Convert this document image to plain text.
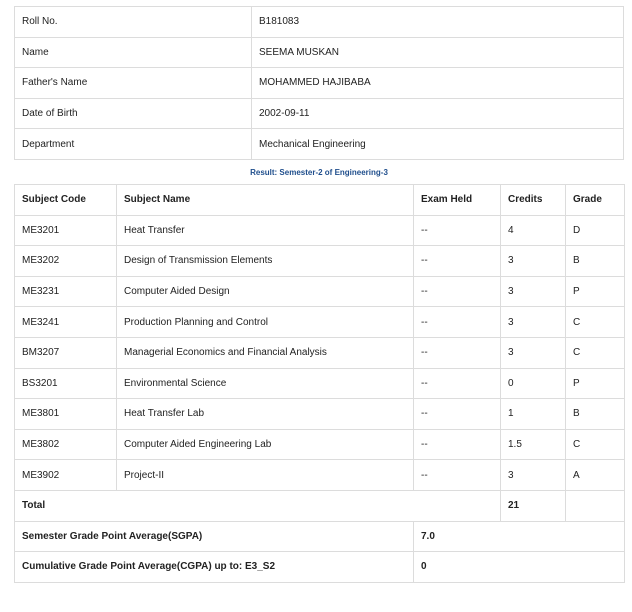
Roll No.	B181083
Name	SEEMA MUSKAN
Father's Name	MOHAMMED HAJIBABA
Date of Birth	2002-09-11
Department	Mechanical Engineering
Result: Semester-2 of Engineering-3
Subject Code	Subject Name	Exam Held	Credits	Grade
ME3201	Heat Transfer	--	4	D
ME3202	Design of Transmission Elements	--	3	B
ME3231	Computer Aided Design	--	3	P
ME3241	Production Planning and Control	--	3	C
BM3207	Managerial Economics and Financial Analysis	--	3	C
BS3201	Environmental Science	--	0	P
ME3801	Heat Transfer Lab	--	1	B
ME3802	Computer Aided Engineering Lab	--	1.5	C
ME3902	Project-II	--	3	A
Total			21	
Semester Grade Point Average(SGPA)		7.0		
Cumulative Grade Point Average(CGPA) up to: E3_S2		0		
